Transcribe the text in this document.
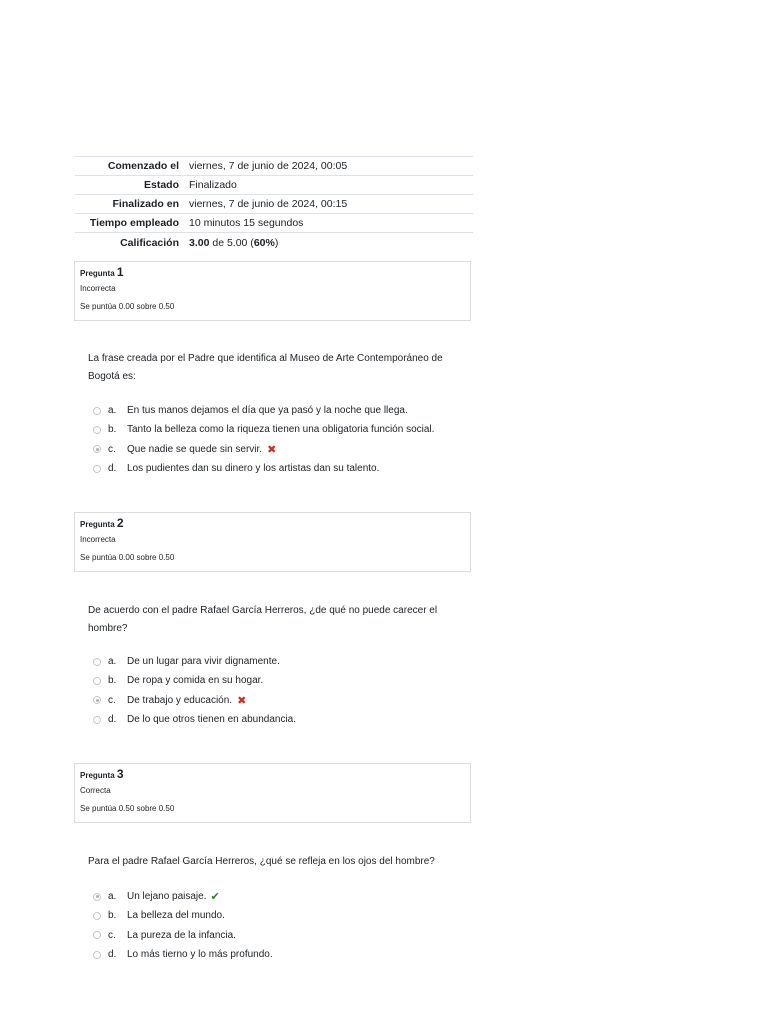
Comenzado el	viernes, 7 de junio de 2024, 00:05
Estado	Finalizado
Finalizado en	viernes, 7 de junio de 2024, 00:15
Tiempo empleado	10 minutos 15 segundos
Calificación	3.00 de 5.00 (60%)
Pregunta 1
Incorrecta
Se puntúa 0.00 sobre 0.50
La frase creada por el Padre que identifica al Museo de Arte Contemporáneo de Bogotá es:
a.	En tus manos dejamos el día que ya pasó y la noche que llega.
b.	Tanto la belleza como la riqueza tienen una obligatoria función social.
c.	Que nadie se quede sin servir. ✖
d.	Los pudientes dan su dinero y los artistas dan su talento.
Pregunta 2
Incorrecta
Se puntúa 0.00 sobre 0.50
De acuerdo con el padre Rafael García Herreros, ¿de qué no puede carecer el hombre?
a.	De un lugar para vivir dignamente.
b.	De ropa y comida en su hogar.
c.	De trabajo y educación. ✖
d.	De lo que otros tienen en abundancia.
Pregunta 3
Correcta
Se puntúa 0.50 sobre 0.50
Para el padre Rafael García Herreros, ¿qué se refleja en los ojos del hombre?
a.	Un lejano paisaje. ✔
b.	La belleza del mundo.
c.	La pureza de la infancia.
d.	Lo más tierno y lo más profundo.
